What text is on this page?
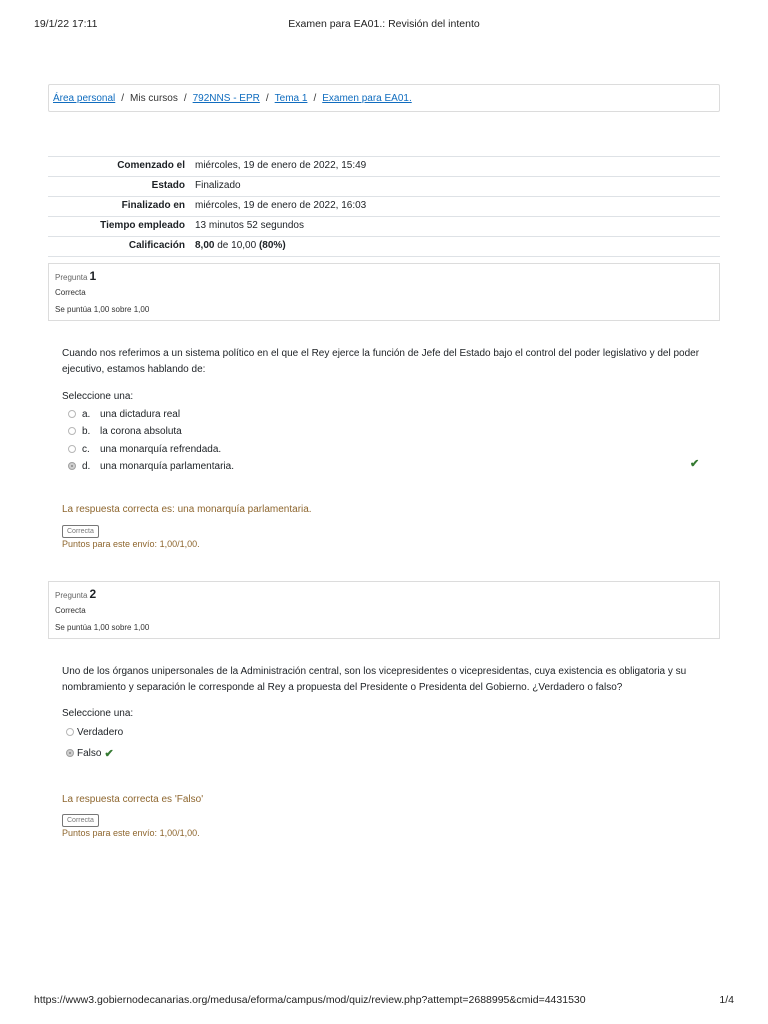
19/1/22 17:11	Examen para EA01.: Revisión del intento
Área personal / Mis cursos / 792NNS - EPR / Tema 1 / Examen para EA01.
Comenzado el	miércoles, 19 de enero de 2022, 15:49
Estado	Finalizado
Finalizado en	miércoles, 19 de enero de 2022, 16:03
Tiempo empleado	13 minutos 52 segundos
Calificación	8,00 de 10,00 (80%)
Pregunta 1
Correcta
Se puntúa 1,00 sobre 1,00
Cuando nos referimos a un sistema político en el que el Rey ejerce la función de Jefe del Estado bajo el control del poder legislativo y del poder ejecutivo, estamos hablando de:
Seleccione una:
a. una dictadura real
b. la corona absoluta
c.	una monarquía refrendada.
d. una monarquía parlamentaria.	✔
La respuesta correcta es: una monarquía parlamentaria.
Correcta
Puntos para este envío: 1,00/1,00.
Pregunta 2
Correcta
Se puntúa 1,00 sobre 1,00
Uno de los órganos unipersonales de la Administración central, son los vicepresidentes o vicepresidentas, cuya existencia es obligatoria y su nombramiento y separación le corresponde al Rey a propuesta del Presidente o Presidenta del Gobierno. ¿Verdadero o falso?
Seleccione una:
Verdadero
Falso ✔
La respuesta correcta es 'Falso'
Correcta
Puntos para este envío: 1,00/1,00.
https://www3.gobiernodecanarias.org/medusa/eforma/campus/mod/quiz/review.php?attempt=2688995&cmid=4431530	1/4
